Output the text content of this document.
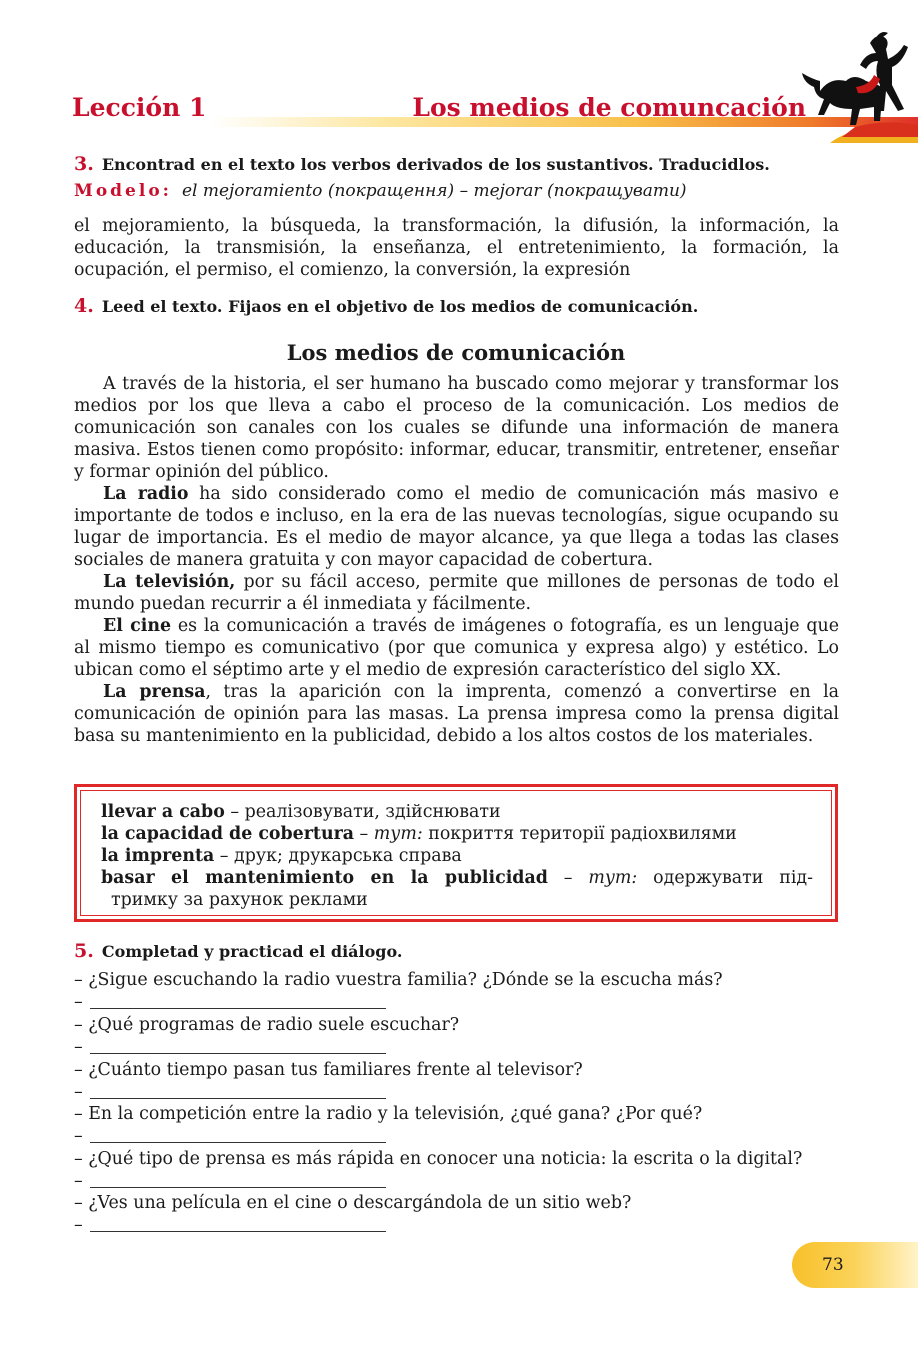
Lección 1	Los medios de comuncación
3. Encontrad en el texto los verbos derivados de los sustantivos. Traducidlos.
Modelo: el mejoramiento (покращення) – mejorar (покращувати)
el mejoramiento, la búsqueda, la transformación, la difusión, la información, la educación, la transmisión, la enseñanza, el entretenimiento, la formación, la ocupación, el permiso, el comienzo, la conversión, la expresión
4. Leed el texto. Fijaos en el objetivo de los medios de comunicación.
Los medios de comunicación
A través de la historia, el ser humano ha buscado como mejorar y transformar los medios por los que lleva a cabo el proceso de la comunicación. Los medios de comunicación son canales con los cuales se difunde una información de manera masiva. Estos tienen como propósito: informar, educar, transmitir, entretener, enseñar y formar opinión del público.
La radio ha sido considerado como el medio de comunicación más masivo e importante de todos e incluso, en la era de las nuevas tecnologías, sigue ocupando su lugar de importancia. Es el medio de mayor alcance, ya que llega a todas las clases sociales de manera gratuita y con mayor capacidad de cobertura.
La televisión, por su fácil acceso, permite que millones de personas de todo el mundo puedan recurrir a él inmediata y fácilmente.
El cine es la comunicación a través de imágenes o fotografía, es un lenguaje que al mismo tiempo es comunicativo (por que comunica y expresa algo) y estético. Lo ubican como el séptimo arte y el medio de expresión característico del siglo XX.
La prensa, tras la aparición con la imprenta, comenzó a convertirse en la comunicación de opinión para las masas. La prensa impresa como la prensa digital basa su mantenimiento en la publicidad, debido a los altos costos de los materiales.
llevar a cabo – реалізовувати, здійснювати
la capacidad de cobertura – тут: покриття території радіохвилями
la imprenta – друк; друкарська справа
basar el mantenimiento en la publicidad – тут: одержувати під-
тримку за рахунок реклами
5. Completad y practicad el diálogo.
– ¿Sigue escuchando la radio vuestra familia? ¿Dónde se la escucha más?
–
– ¿Qué programas de radio suele escuchar?
–
– ¿Cuánto tiempo pasan tus familiares frente al televisor?
–
– En la competición entre la radio y la televisión, ¿qué gana? ¿Por qué?
–
– ¿Qué tipo de prensa es más rápida en conocer una noticia: la escrita o la digital?
–
– ¿Ves una película en el cine o descargándola de un sitio web?
–
73
